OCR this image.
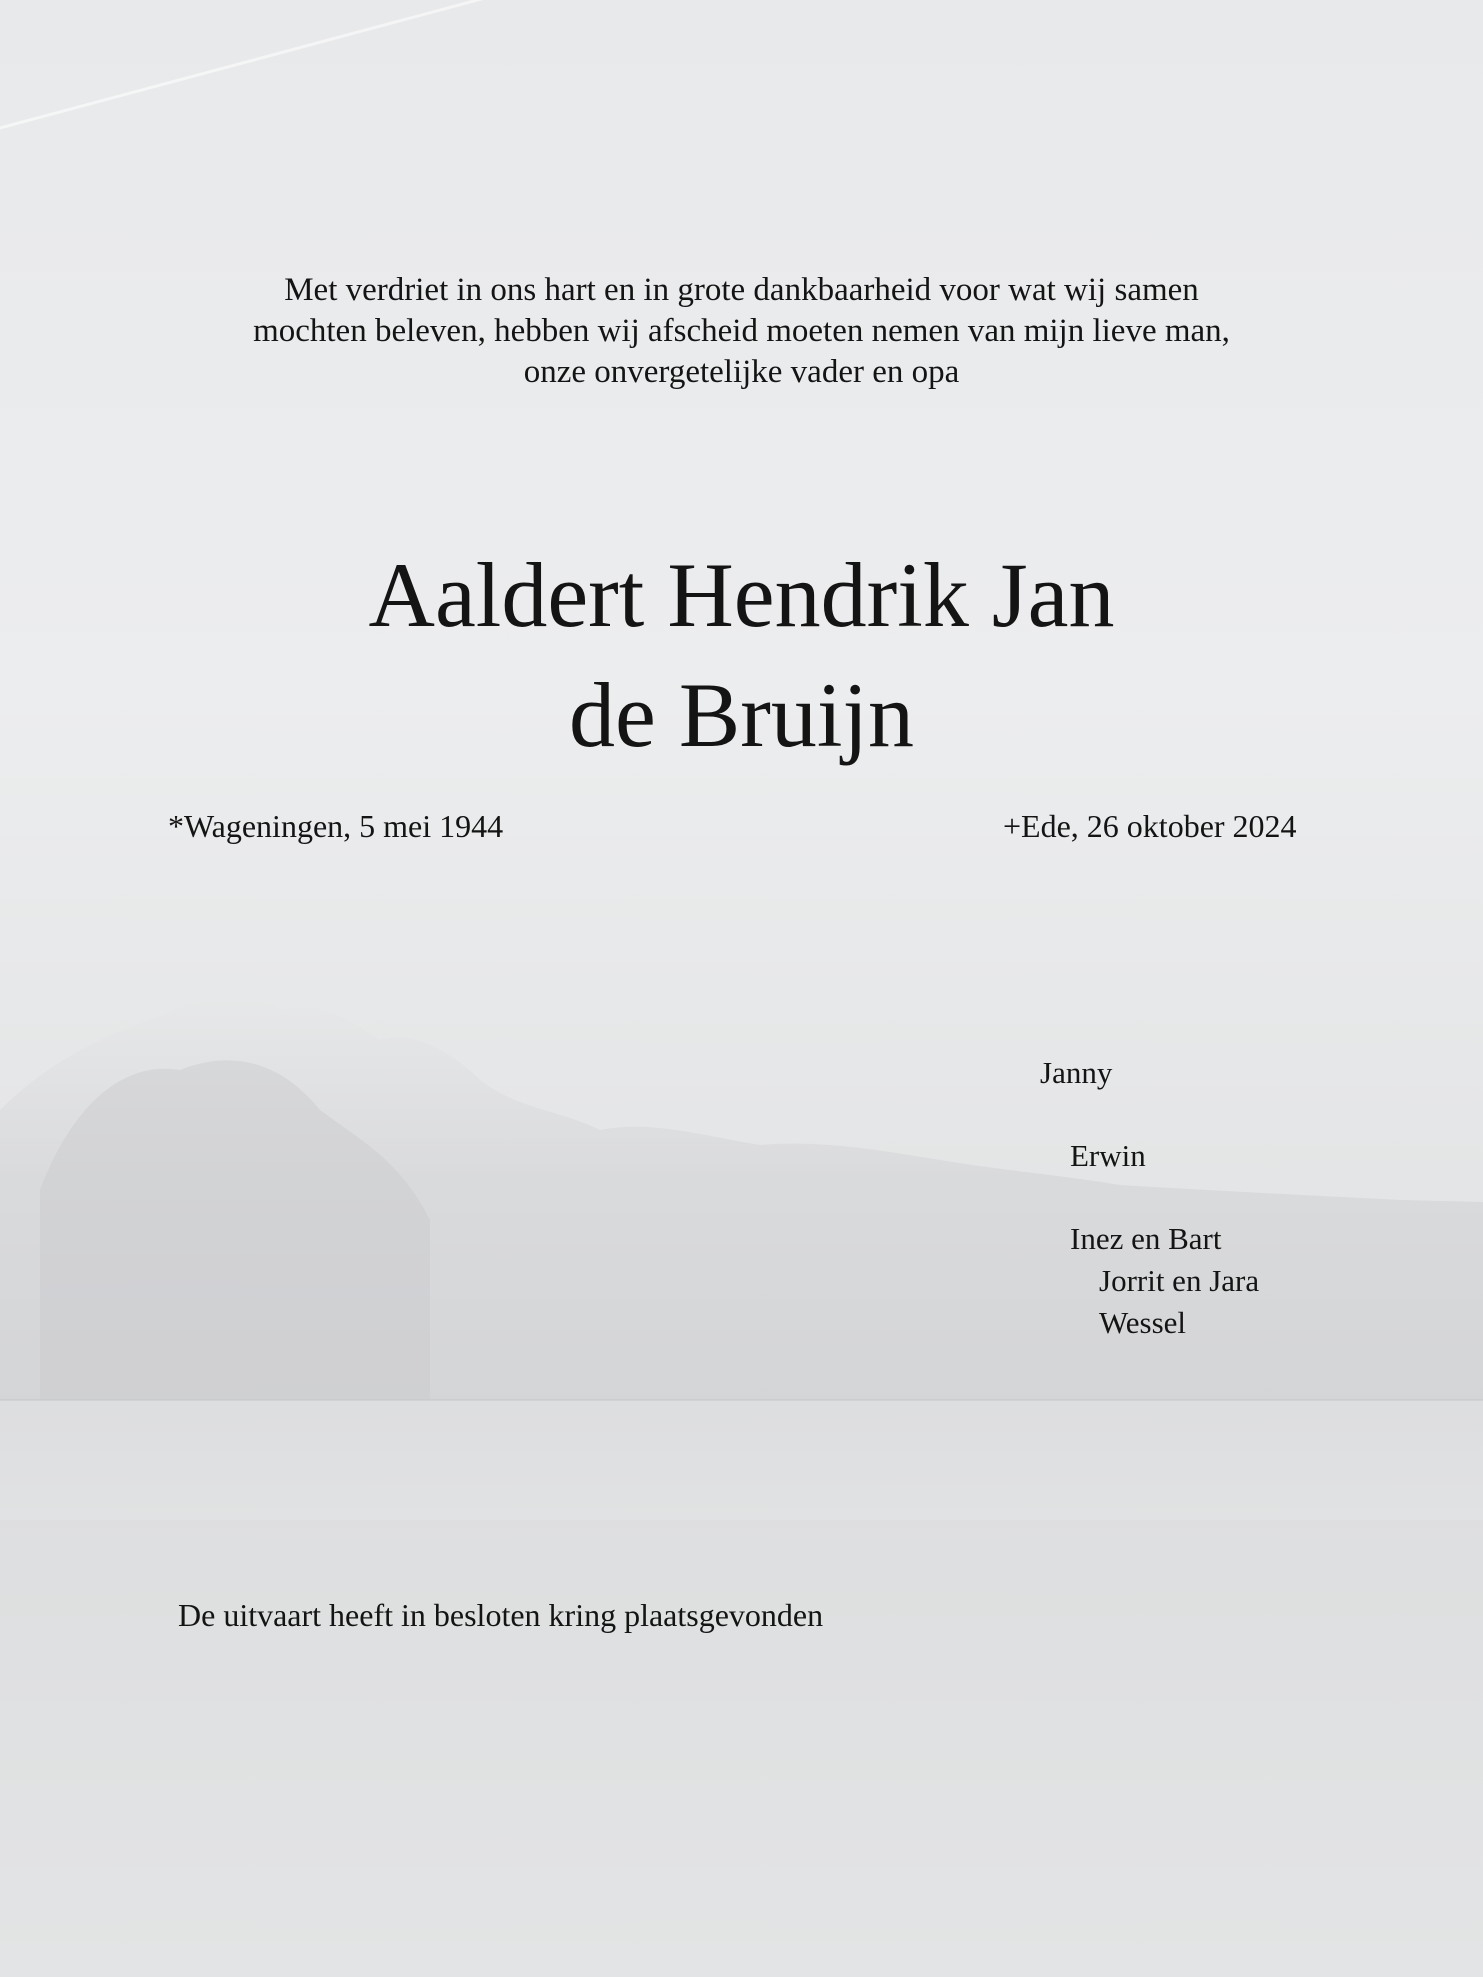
Met verdriet in ons hart en in grote dankbaarheid voor wat wij samen
mochten beleven, hebben wij afscheid moeten nemen van mijn lieve man,
onze onvergetelijke vader en opa
Aaldert Hendrik Jan
de Bruijn
*Wageningen, 5 mei 1944	+Ede, 26 oktober 2024
Janny
Erwin
Inez en Bart
Jorrit en Jara
Wessel
De uitvaart heeft in besloten kring plaatsgevonden
